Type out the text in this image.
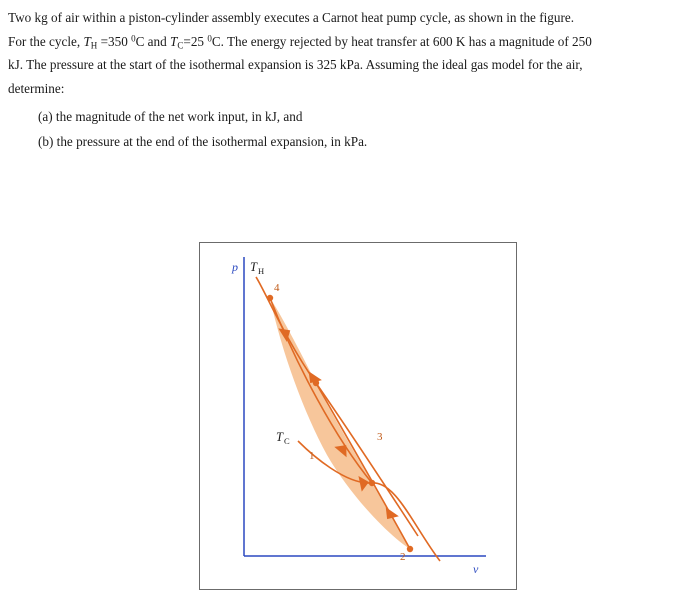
Two kg of air within a piston-cylinder assembly executes a Carnot heat pump cycle, as shown in the figure.

For the cycle, $T_H =350$ $^0$C and $T_C=25$ $^0$C. The energy rejected by heat transfer at 600 K has a magnitude of 250

kJ. The pressure at the start of the isothermal expansion is 325 kPa. Assuming the ideal gas model for the air,

determine:

(a) the magnitude of the net work input, in kJ, and
(b) the pressure at the end of the isothermal expansion, in kPa.
1
2
3
4
p
v
T H
T C
